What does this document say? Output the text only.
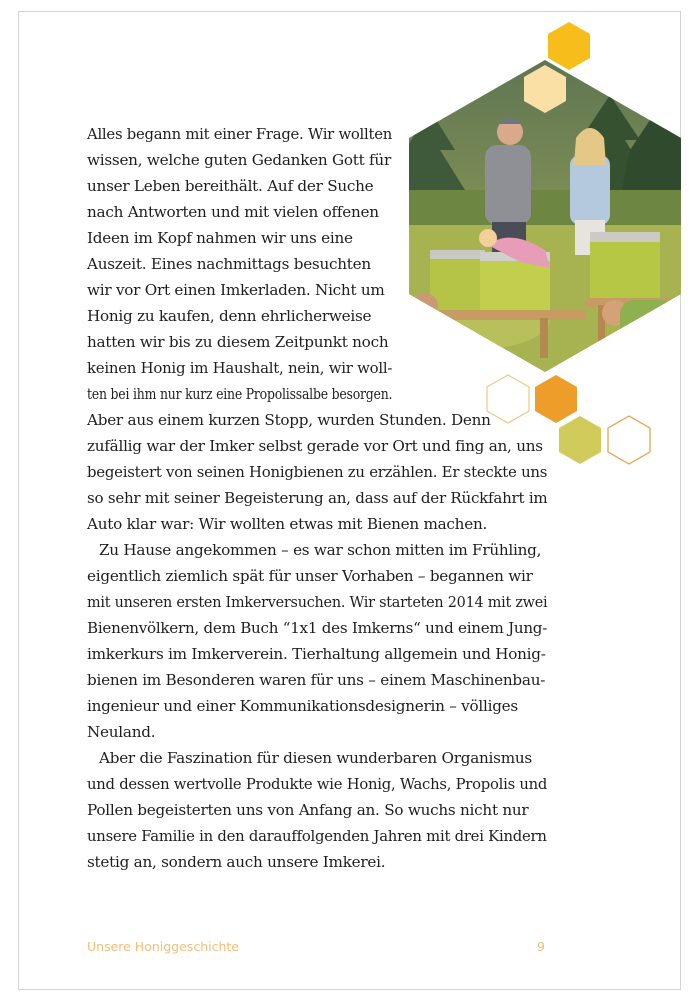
Alles begann mit einer Frage. Wir wollten
wissen, welche guten Gedanken Gott für
unser Leben bereithält. Auf der Suche
nach Antworten und mit vielen offenen
Ideen im Kopf nahmen wir uns eine
Auszeit. Eines nachmittags besuchten
wir vor Ort einen Imkerladen. Nicht um
Honig zu kaufen, denn ehrlicherweise
hatten wir bis zu diesem Zeitpunkt noch
keinen Honig im Haushalt, nein, wir woll-
ten bei ihm nur kurz eine Propolissalbe besorgen.
Aber aus einem kurzen Stopp, wurden Stunden. Denn
zufällig war der Imker selbst gerade vor Ort und fing an, uns
begeistert von seinen Honigbienen zu erzählen. Er steckte uns
so sehr mit seiner Begeisterung an, dass auf der Rückfahrt im
Auto klar war: Wir wollten etwas mit Bienen machen.
Zu Hause angekommen – es war schon mitten im Frühling,
eigentlich ziemlich spät für unser Vorhaben – begannen wir
mit unseren ersten Imkerversuchen. Wir starteten 2014 mit zwei
Bienenvölkern, dem Buch “1x1 des Imkerns“ und einem Jung-
imkerkurs im Imkerverein. Tierhaltung allgemein und Honig-
bienen im Besonderen waren für uns – einem Maschinenbau-
ingenieur und einer Kommunikationsdesignerin – völliges
Neuland.
Aber die Faszination für diesen wunderbaren Organismus
und dessen wertvolle Produkte wie Honig, Wachs, Propolis und
Pollen begeisterten uns von Anfang an. So wuchs nicht nur
unsere Familie in den darauffolgenden Jahren mit drei Kindern
stetig an, sondern auch unsere Imkerei.
Unsere Honiggeschichte	9
